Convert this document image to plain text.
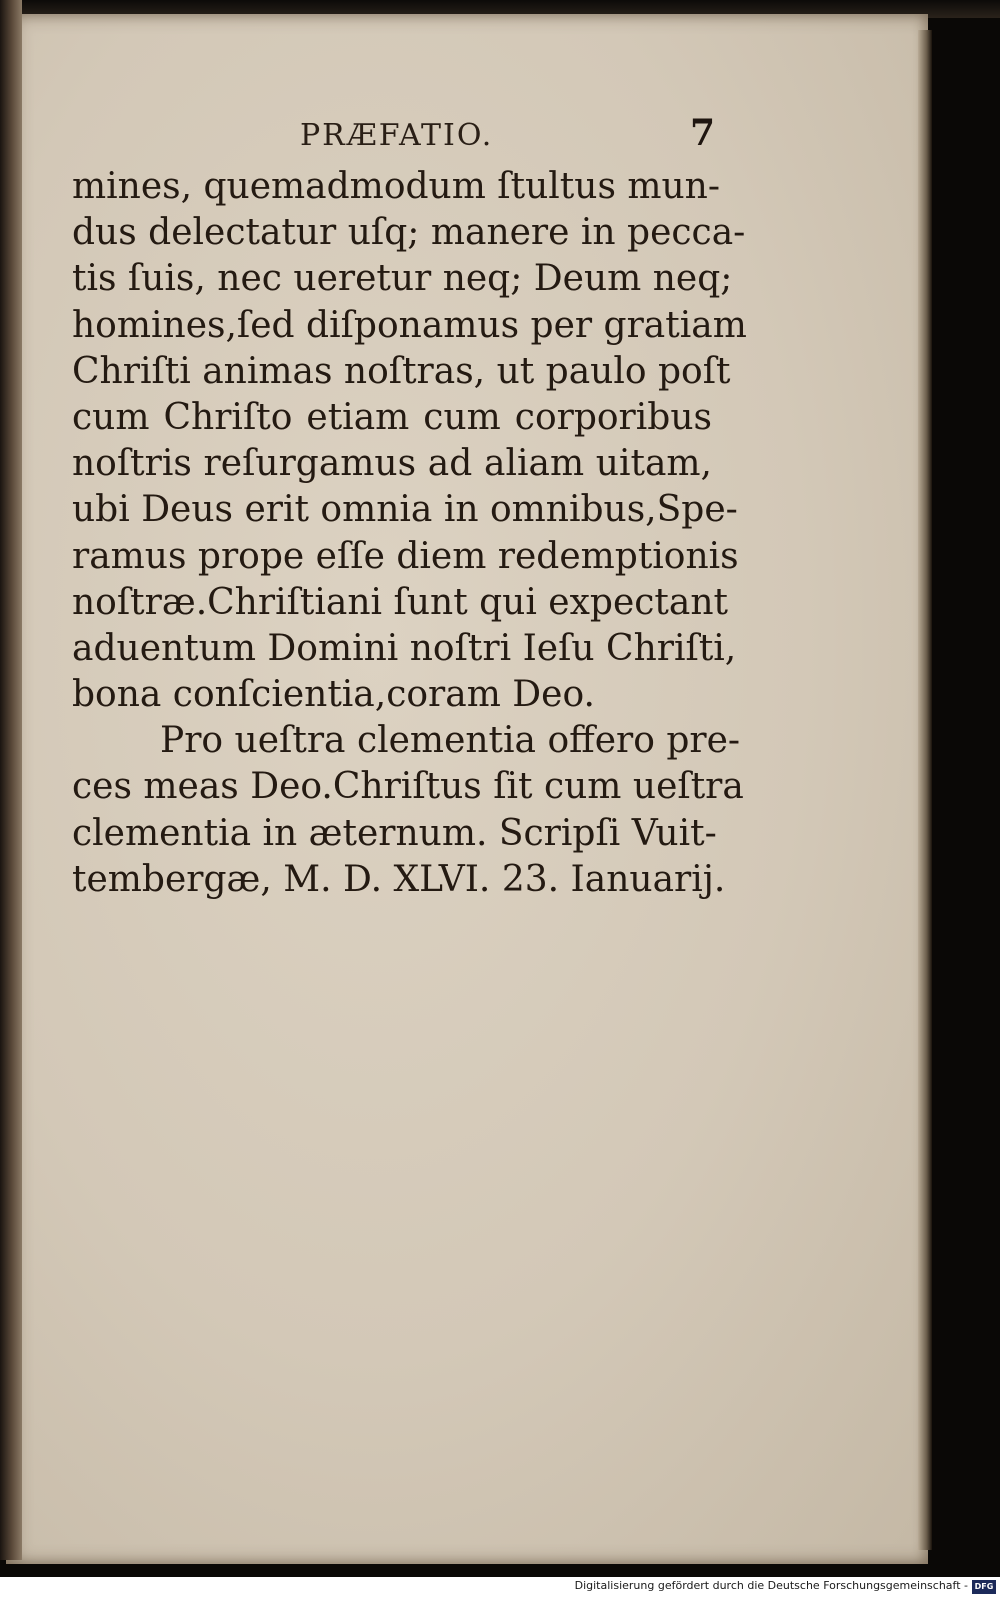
PRÆFATIO.	7
mines, quemadmodum ſtultus mun-
dus delectatur uſq; manere in pecca-
tis ſuis, nec ueretur neq; Deum neq;
homines,ſed diſponamus per gratiam
Chriſti animas noſtras, ut paulo poſt
cum Chriſto etiam cum corporibus
noſtris reſurgamus ad aliam uitam,
ubi Deus erit omnia in omnibus,Spe-
ramus prope eſſe diem redemptionis
noſtræ.Chriſtiani ſunt qui expectant
aduentum Domini noſtri Ieſu Chriſti,
bona conſcientia,coram Deo.
Pro ueſtra clementia offero pre-
ces meas Deo.Chriſtus ſit cum ueſtra
clementia in æternum. Scripſi Vuit-
tembergæ, M. D. XLVI. 23. Ianuarij.
Digitalisierung gefördert durch die Deutsche Forschungsgemeinschaft - DFG
